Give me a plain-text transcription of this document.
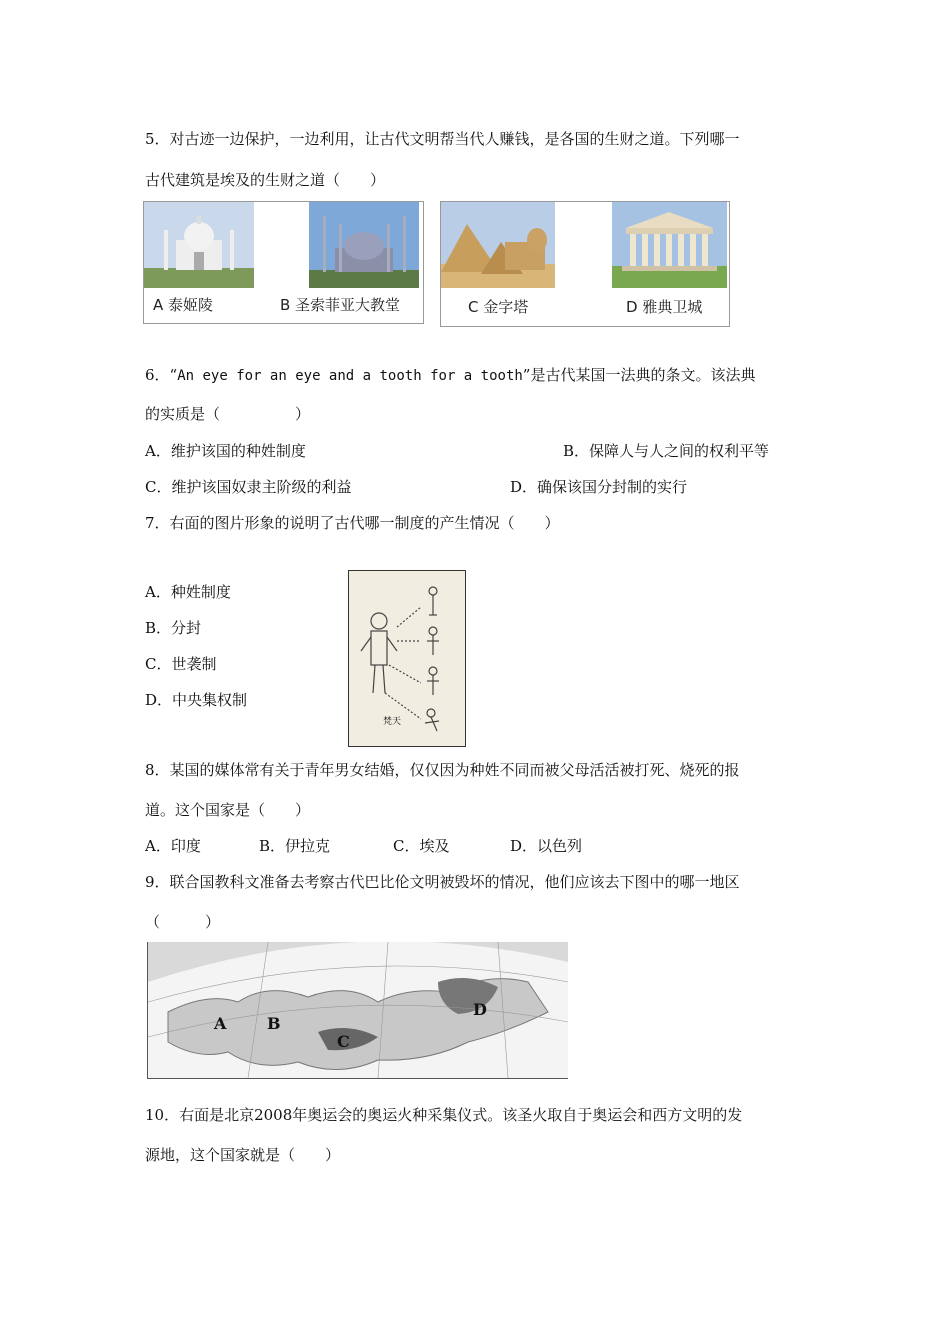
5．对古迹一边保护，一边利用，让古代文明帮当代人赚钱，是各国的生财之道。下列哪一
古代建筑是埃及的生财之道（　　）
A 泰姬陵	B 圣索菲亚大教堂	C 金字塔	D 雅典卫城
6．“An eye for an eye and a tooth for a tooth”是古代某国一法典的条文。该法典
的实质是（　　　　　）
A．维护该国的种姓制度	B．保障人与人之间的权利平等
C．维护该国奴隶主阶级的利益	D．确保该国分封制的实行
7．右面的图片形象的说明了古代哪一制度的产生情况（　　）
A．种姓制度
B．分封
C．世袭制
D．中央集权制
梵天
8．某国的媒体常有关于青年男女结婚，仅仅因为种姓不同而被父母活活被打死、烧死的报
道。这个国家是（　　）
A．印度	B．伊拉克	C．埃及	D．以色列
9．联合国教科文准备去考察古代巴比伦文明被毁坏的情况，他们应该去下图中的哪一地区
（　　　）
A	B
C
D
10．右面是北京2008年奥运会的奥运火种采集仪式。该圣火取自于奥运会和西方文明的发
源地，这个国家就是（　　）
